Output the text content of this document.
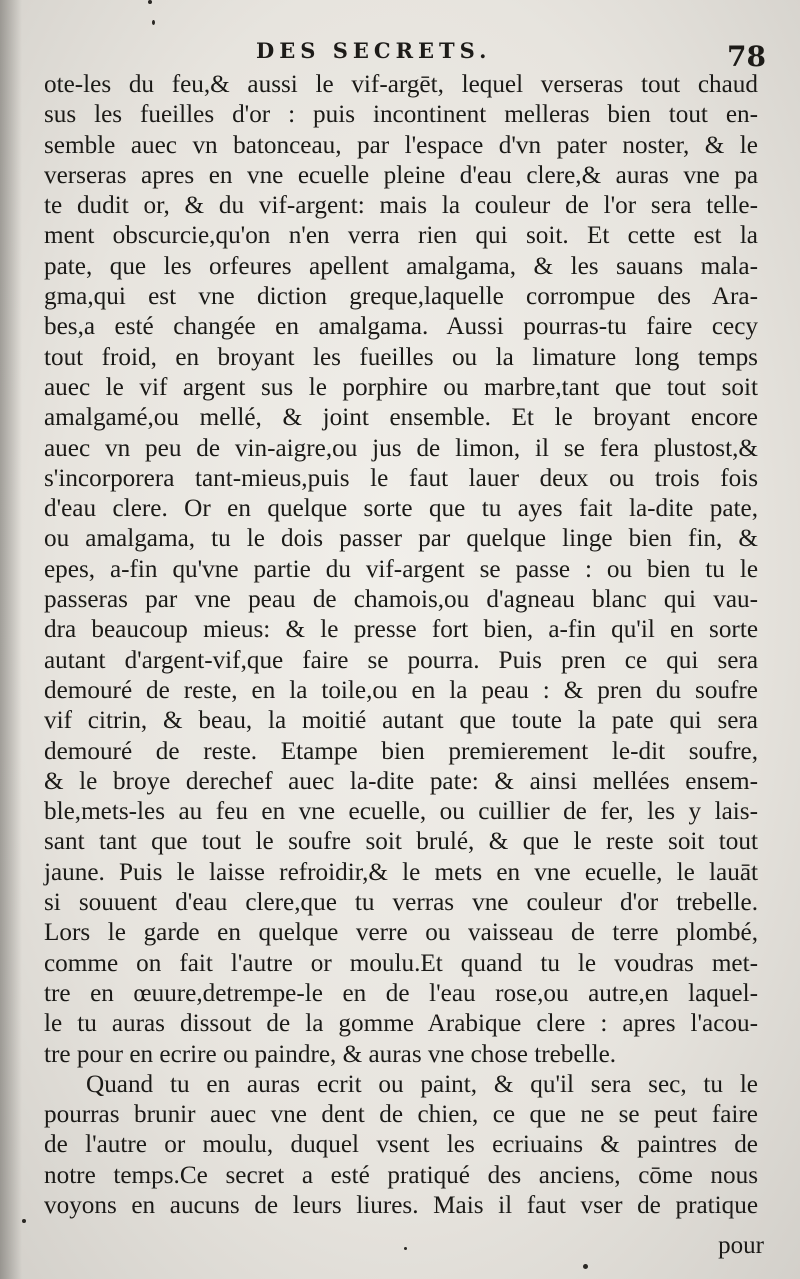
DES SECRETS.	78
ote-les du feu,& aussi le vif-argēt, lequel verseras tout chaud
sus les fueilles d'or : puis incontinent melleras bien tout en-
semble auec vn batonceau, par l'espace d'vn pater noster, & le
verseras apres en vne ecuelle pleine d'eau clere,& auras vne pa
te dudit or, & du vif-argent: mais la couleur de l'or sera telle-
ment obscurcie,qu'on n'en verra rien qui soit. Et cette est la
pate, que les orfeures apellent amalgama, & les sauans mala-
gma,qui est vne diction greque,laquelle corrompue des Ara-
bes,a esté changée en amalgama. Aussi pourras-tu faire cecy
tout froid, en broyant les fueilles ou la limature long temps
auec le vif argent sus le porphire ou marbre,tant que tout soit
amalgamé,ou mellé, & joint ensemble. Et le broyant encore
auec vn peu de vin-aigre,ou jus de limon, il se fera plustost,&
s'incorporera tant-mieus,puis le faut lauer deux ou trois fois
d'eau clere. Or en quelque sorte que tu ayes fait la-dite pate,
ou amalgama, tu le dois passer par quelque linge bien fin, &
epes, a-fin qu'vne partie du vif-argent se passe : ou bien tu le
passeras par vne peau de chamois,ou d'agneau blanc qui vau-
dra beaucoup mieus: & le presse fort bien, a-fin qu'il en sorte
autant d'argent-vif,que faire se pourra. Puis pren ce qui sera
demouré de reste, en la toile,ou en la peau : & pren du soufre
vif citrin, & beau, la moitié autant que toute la pate qui sera
demouré de reste. Etampe bien premierement le-dit soufre,
& le broye derechef auec la-dite pate: & ainsi mellées ensem-
ble,mets-les au feu en vne ecuelle, ou cuillier de fer, les y lais-
sant tant que tout le soufre soit brulé, & que le reste soit tout
jaune. Puis le laisse refroidir,& le mets en vne ecuelle, le lauāt
si souuent d'eau clere,que tu verras vne couleur d'or trebelle.
Lors le garde en quelque verre ou vaisseau de terre plombé,
comme on fait l'autre or moulu.Et quand tu le voudras met-
tre en œuure,detrempe-le en de l'eau rose,ou autre,en laquel-
le tu auras dissout de la gomme Arabique clere : apres l'acou-
tre pour en ecrire ou paindre, & auras vne chose trebelle.
Quand tu en auras ecrit ou paint, & qu'il sera sec, tu le
pourras brunir auec vne dent de chien, ce que ne se peut faire
de l'autre or moulu, duquel vsent les ecriuains & paintres de
notre temps.Ce secret a esté pratiqué des anciens, cōme nous
voyons en aucuns de leurs liures. Mais il faut vser de pratique
pour
